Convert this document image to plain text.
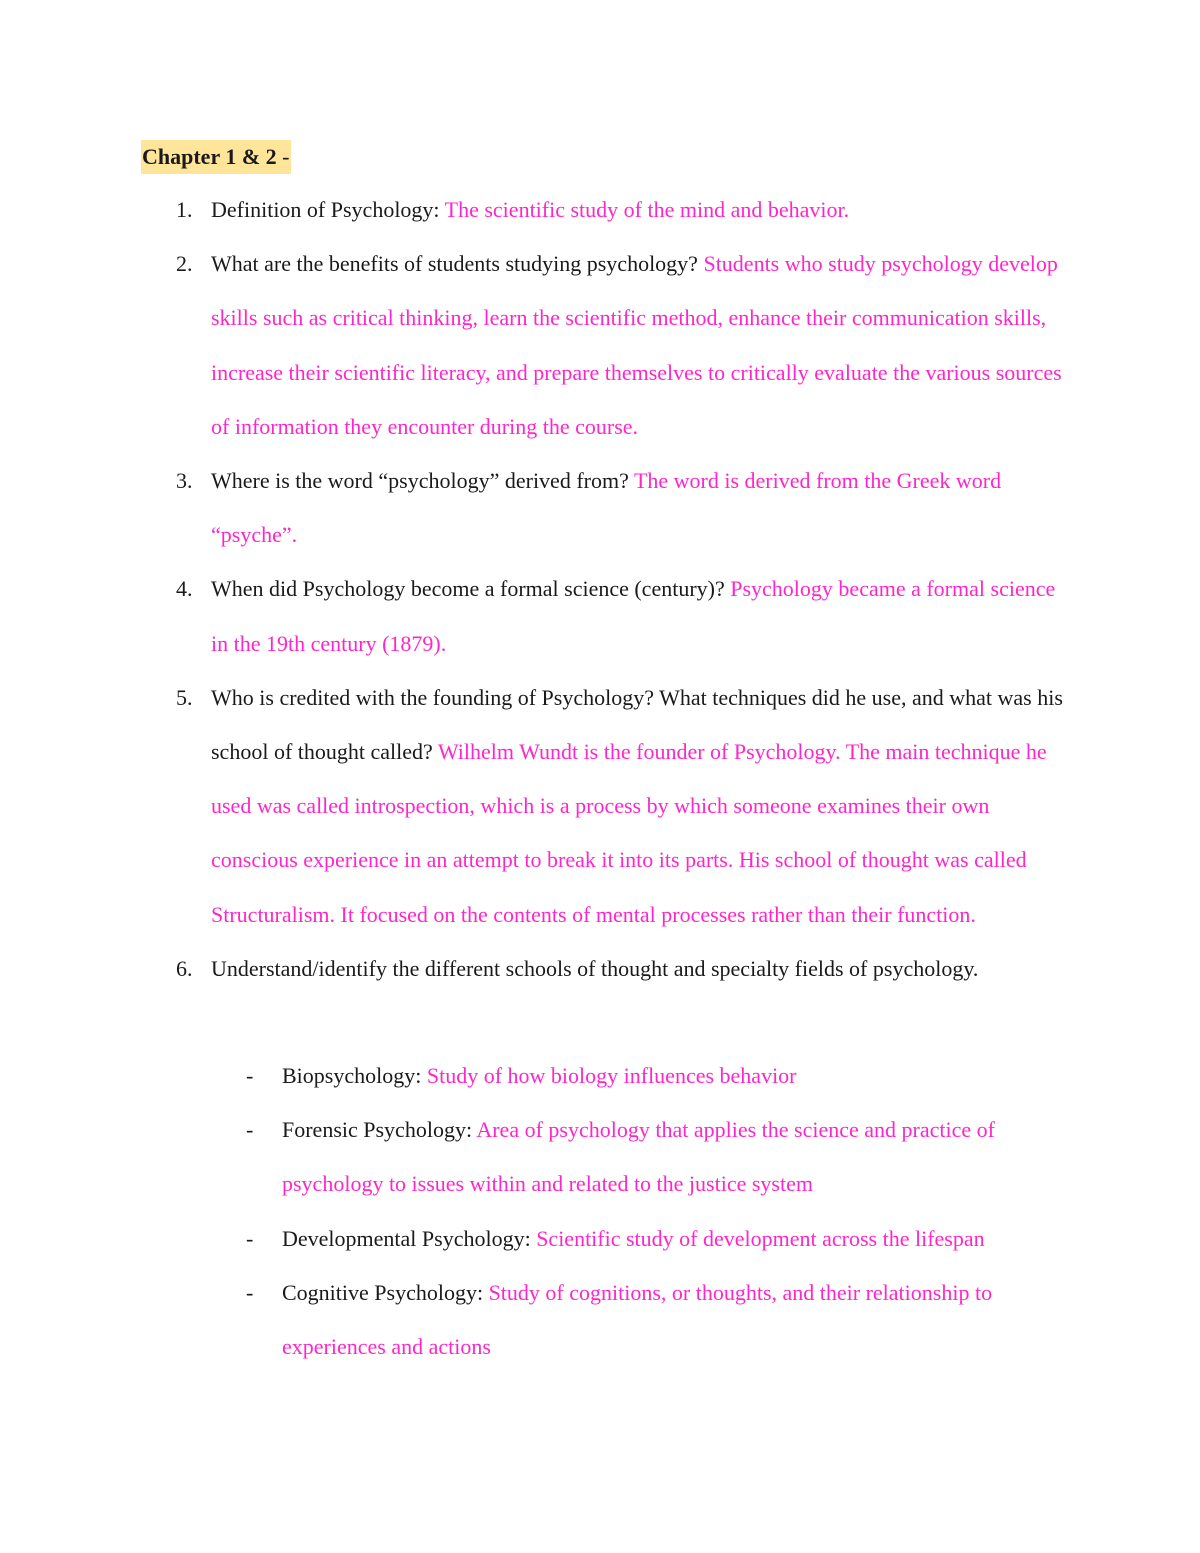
Chapter 1 & 2 -
1. Definition of Psychology: The scientific study of the mind and behavior.
2. What are the benefits of students studying psychology? Students who study psychology develop skills such as critical thinking, learn the scientific method, enhance their communication skills, increase their scientific literacy, and prepare themselves to critically evaluate the various sources of information they encounter during the course.
3. Where is the word “psychology” derived from? The word is derived from the Greek word “psyche”.
4. When did Psychology become a formal science (century)? Psychology became a formal science in the 19th century (1879).
5. Who is credited with the founding of Psychology? What techniques did he use, and what was his school of thought called? Wilhelm Wundt is the founder of Psychology. The main technique he used was called introspection, which is a process by which someone examines their own conscious experience in an attempt to break it into its parts. His school of thought was called Structuralism. It focused on the contents of mental processes rather than their function.
6. Understand/identify the different schools of thought and specialty fields of psychology.
- Biopsychology: Study of how biology influences behavior
- Forensic Psychology: Area of psychology that applies the science and practice of psychology to issues within and related to the justice system
- Developmental Psychology: Scientific study of development across the lifespan
- Cognitive Psychology: Study of cognitions, or thoughts, and their relationship to experiences and actions
